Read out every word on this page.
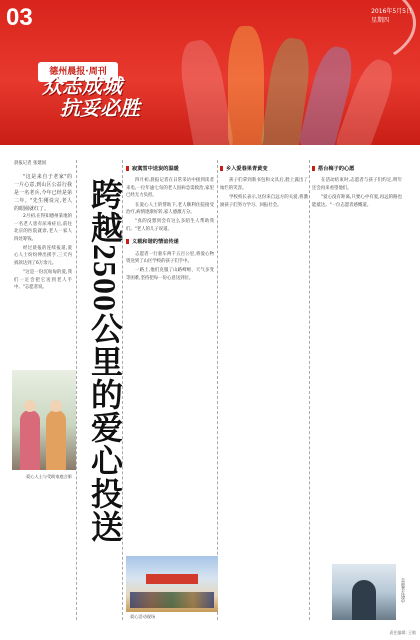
03	2016年5月5日
星期四
德州晨报·周刊
众志成城
抗妥必胜
晨报记者 张建国
"这是来自于老家"的一片心意,到山区公益行我是一名老兵,今年已经是第二年。"先生刚说完,老人的眼圈就红了。

2月初,在得知德州某地的一名老人患有尿毒症后,前往北京的医院就诊,老人一家人四处筹钱。

经过晨报的连续报道,爱心人士纷纷伸出援手,三天内捐款达到了6万余元。

"这是一份沉甸甸的爱,我们一定会把它送到老人手中。"志愿者说。	跨越2500公里的爱心投送
爱心人士与受助家庭合影
寂寞雪中送炭的温暖

四月初,晨报记者在日常采访中接到读者来电,一位年逾七旬的老人因病急需救治,家里已经无力负担。

在爱心人士的帮助下,老人顺利住院接受治疗,病情逐渐好转,家人感激万分。

"真的没想到会有这么多陌生人帮助我们。"老人的儿子说道。

义载和谐的情谊传递

志愿者一行驱车两千五百公里,将爱心物资送到了山区学校的孩子们手中。

一路上,他们克服了山路崎岖、天气多变等困难,坚持把每一份心意送到位。

爱心活动现场
乡入爱春果青黄变

孩子们拿到新书包和文具后,脸上露出了灿烂的笑容。

学校校长表示,这份来自远方的关爱,将激励孩子们努力学习、回报社会。

搭台梅子的心愿

在活动结束时,志愿者与孩子们约定,明年还会再来看望他们。

"爱心没有距离,只要心中有爱,再远的路也能抵达。"一位志愿者感慨道。

志愿者在途中
责任编辑: 王敏
